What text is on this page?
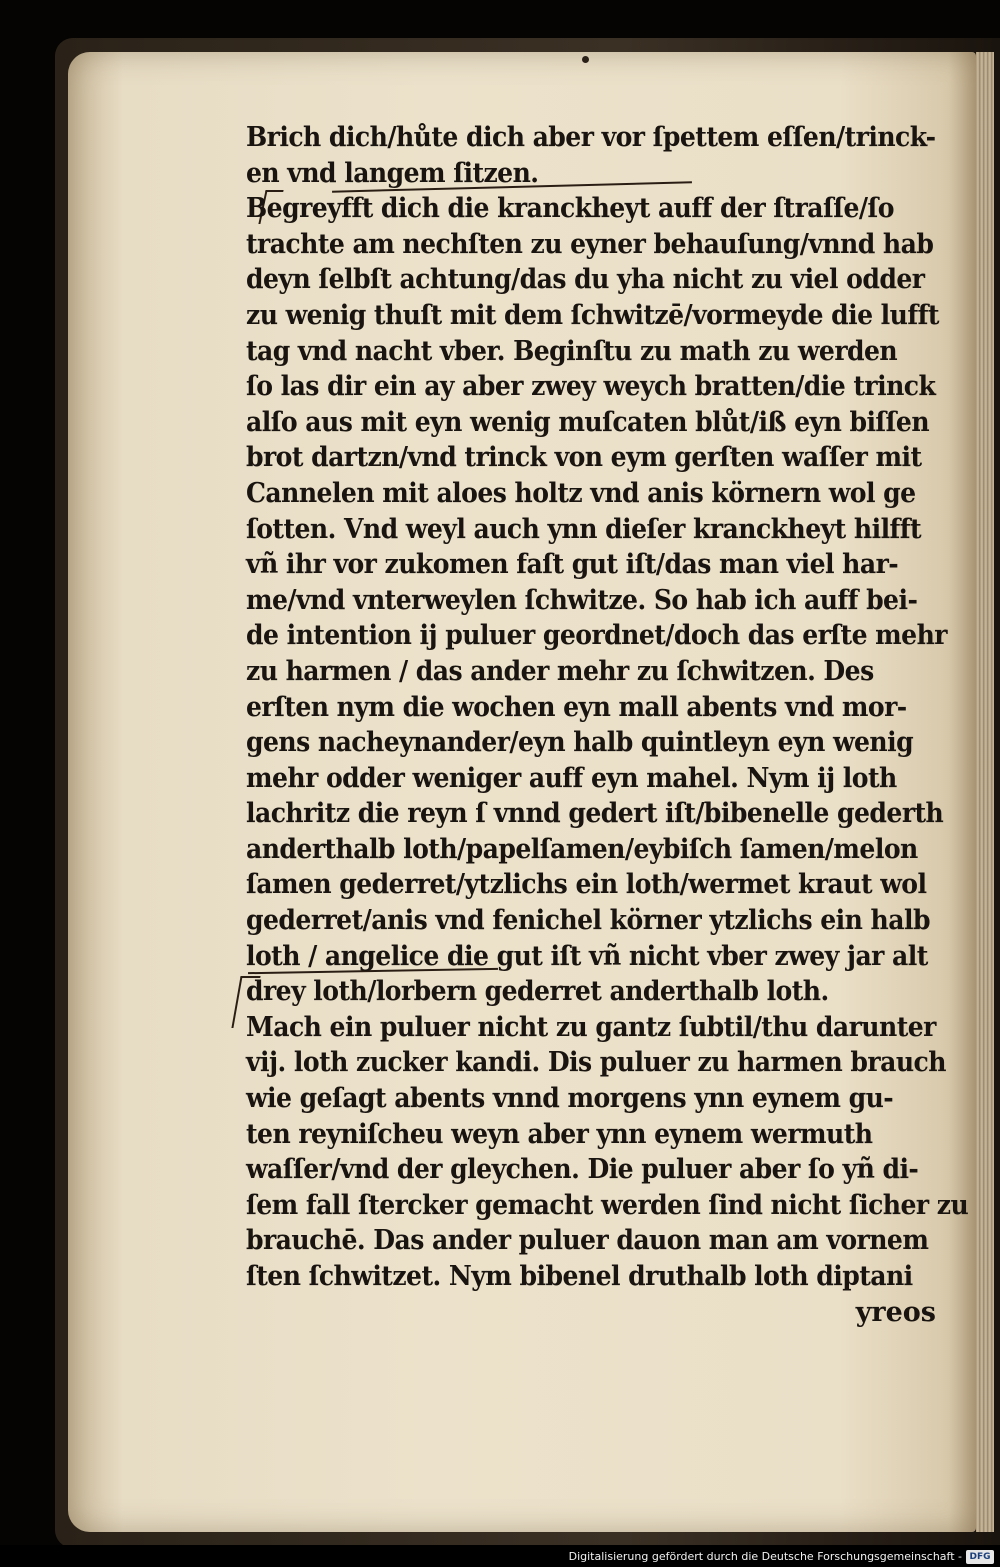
Brich dich/hůte dich aber vor ſpettem eſſen/trinck-
en vnd langem ſitzen.
Begreyfft dich die kranckheyt auff der ſtraſſe/ſo
trachte am nechſten zu eyner behauſung/vnnd hab
deyn ſelbſt achtung/das du yha nicht zu viel odder
zu wenig thuſt mit dem ſchwitzē/vormeyde die lufft
tag vnd nacht vber. Beginſtu zu math zu werden
ſo las dir ein ay aber zwey weych bratten/die trinck
alſo aus mit eyn wenig muſcaten blůt/iß eyn biſſen
brot dartzn/vnd trinck von eym gerſten waſſer mit
Cannelen mit aloes holtz vnd anis körnern wol ge
ſotten. Vnd weyl auch ynn dieſer kranckheyt hilfft
vñ ihr vor zukomen faſt gut iſt/das man viel har-
me/vnd vnterweylen ſchwitze. So hab ich auff bei-
de intention ij puluer geordnet/doch das erſte mehr
zu harmen / das ander mehr zu ſchwitzen. Des
erſten nym die wochen eyn mall abents vnd mor-
gens nacheynander/eyn halb quintleyn eyn wenig
mehr odder weniger auff eyn mahel. Nym ij loth
lachritz die reyn ſ vnnd gedert iſt/bibenelle gederth
anderthalb loth/papelſamen/eybiſch ſamen/melon
ſamen gederret/ytzlichs ein loth/wermet kraut wol
gederret/anis vnd fenichel körner ytzlichs ein halb
loth / angelice die gut iſt vñ nicht vber zwey jar alt
drey loth/lorbern gederret anderthalb loth.
Mach ein puluer nicht zu gantz ſubtil/thu darunter
vij. loth zucker kandi. Dis puluer zu harmen brauch
wie geſagt abents vnnd morgens ynn eynem gu-
ten reyniſcheu weyn aber ynn eynem wermuth
waſſer/vnd der gleychen. Die puluer aber ſo yñ di-
ſem fall ſtercker gemacht werden ſind nicht ſicher zu
brauchē. Das ander puluer dauon man am vornem
ſten ſchwitzet. Nym bibenel druthalb loth diptani
yreos
Digitalisierung gefördert durch die Deutsche Forschungsgemeinschaft - DFG
